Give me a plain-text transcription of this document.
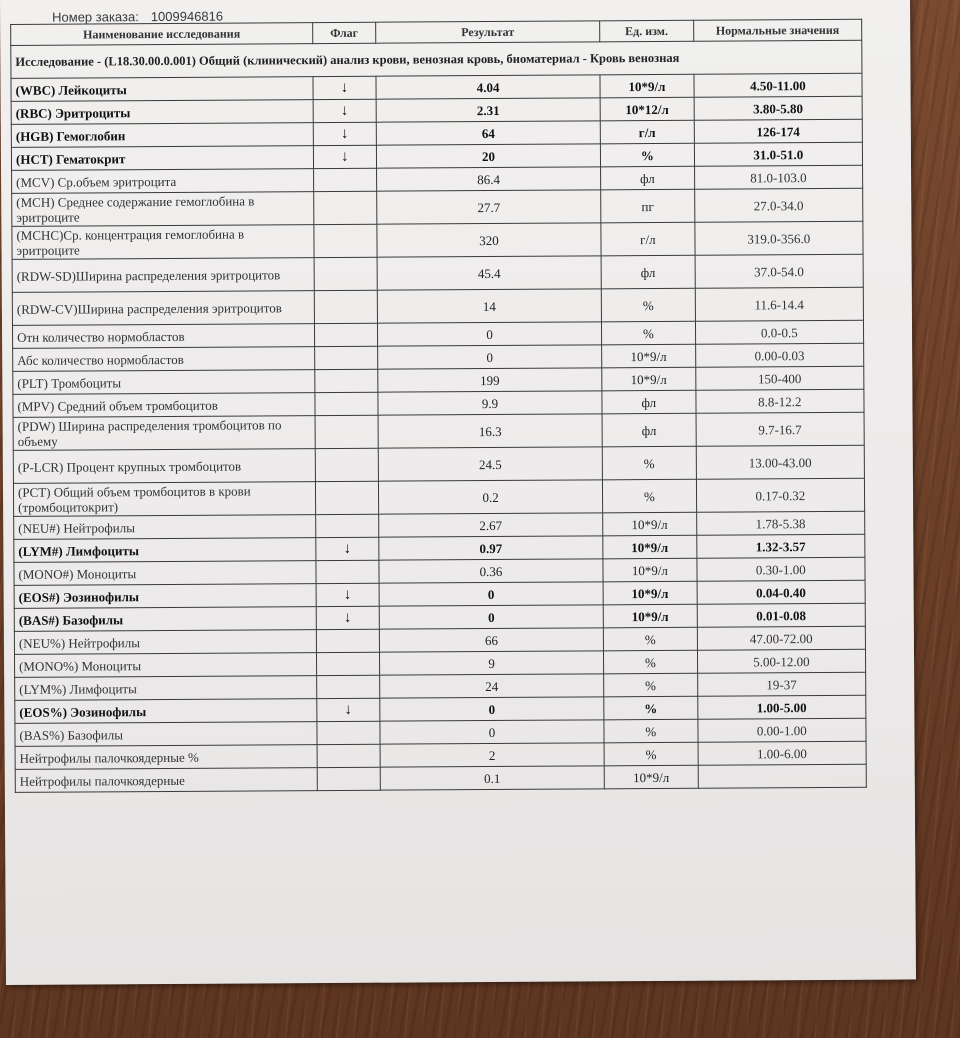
Номер заказа: 1009946816
Наименование исследования	Флаг	Результат	Ед. изм.	Нормальные значения
Исследование - (L18.30.00.0.001) Общий (клинический) анализ крови, венозная кровь, биоматериал - Кровь венозная				
(WBC) Лейкоциты	↓	4.04	10*9/л	4.50-11.00
(RBC) Эритроциты	↓	2.31	10*12/л	3.80-5.80
(HGB) Гемоглобин	↓	64	г/л	126-174
(HCT) Гематокрит	↓	20	%	31.0-51.0
(MCV) Ср.объем эритроцита		86.4	фл	81.0-103.0
(MCH) Среднее содержание гемоглобина в эритроците		27.7	пг	27.0-34.0
(MCHC)Ср. концентрация гемоглобина в эритроците		320	г/л	319.0-356.0
(RDW-SD)Ширина распределения эритроцитов		45.4	фл	37.0-54.0
(RDW-CV)Ширина распределения эритроцитов		14	%	11.6-14.4
Отн количество нормобластов		0	%	0.0-0.5
Абс количество нормобластов		0	10*9/л	0.00-0.03
(PLT) Тромбоциты		199	10*9/л	150-400
(MPV) Средний объем тромбоцитов		9.9	фл	8.8-12.2
(PDW) Ширина распределения тромбоцитов по объему		16.3	фл	9.7-16.7
(P-LCR) Процент крупных тромбоцитов		24.5	%	13.00-43.00
(PCT) Общий объем тромбоцитов в крови (тромбоцитокрит)		0.2	%	0.17-0.32
(NEU#) Нейтрофилы		2.67	10*9/л	1.78-5.38
(LYM#) Лимфоциты	↓	0.97	10*9/л	1.32-3.57
(MONO#) Моноциты		0.36	10*9/л	0.30-1.00
(EOS#) Эозинофилы	↓	0	10*9/л	0.04-0.40
(BAS#) Базофилы	↓	0	10*9/л	0.01-0.08
(NEU%) Нейтрофилы		66	%	47.00-72.00
(MONO%) Моноциты		9	%	5.00-12.00
(LYM%) Лимфоциты		24	%	19-37
(EOS%) Эозинофилы	↓	0	%	1.00-5.00
(BAS%) Базофилы		0	%	0.00-1.00
Нейтрофилы палочкоядерные %		2	%	1.00-6.00
Нейтрофилы палочкоядерные		0.1	10*9/л	
